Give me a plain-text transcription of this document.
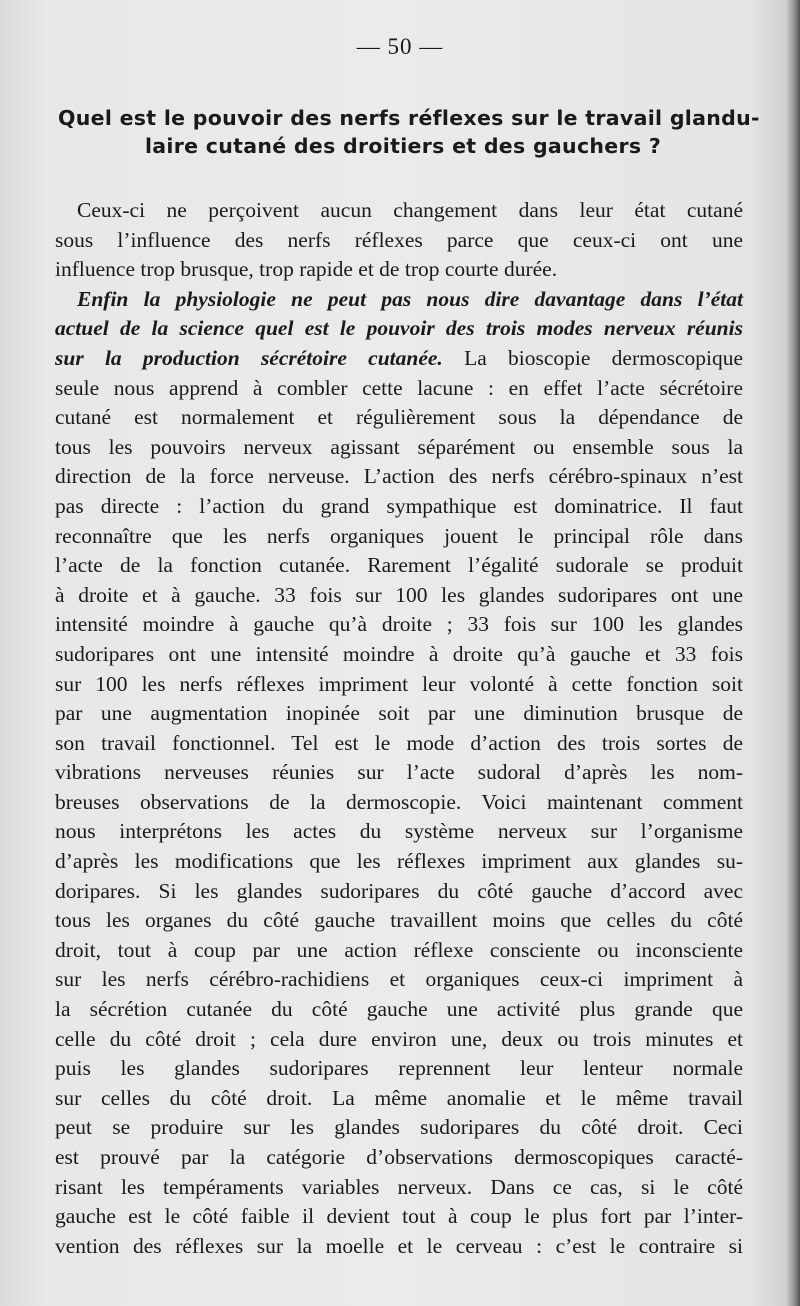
— 50 —
Quel est le pouvoir des nerfs réflexes sur le travail glandu-
laire cutané des droitiers et des gauchers ?
Ceux-ci ne perçoivent aucun changement dans leur état cutané
sous l’influence des nerfs réflexes parce que ceux-ci ont une
influence trop brusque, trop rapide et de trop courte durée.
Enfin la physiologie ne peut pas nous dire davantage dans l’état
actuel de la science quel est le pouvoir des trois modes nerveux réunis
sur la production sécrétoire cutanée. La bioscopie dermoscopique
seule nous apprend à combler cette lacune : en effet l’acte sécrétoire
cutané est normalement et régulièrement sous la dépendance de
tous les pouvoirs nerveux agissant séparément ou ensemble sous la
direction de la force nerveuse. L’action des nerfs cérébro-spinaux n’est
pas directe : l’action du grand sympathique est dominatrice. Il faut
reconnaître que les nerfs organiques jouent le principal rôle dans
l’acte de la fonction cutanée. Rarement l’égalité sudorale se produit
à droite et à gauche. 33 fois sur 100 les glandes sudoripares ont une
intensité moindre à gauche qu’à droite ; 33 fois sur 100 les glandes
sudoripares ont une intensité moindre à droite qu’à gauche et 33 fois
sur 100 les nerfs réflexes impriment leur volonté à cette fonction soit
par une augmentation inopinée soit par une diminution brusque de
son travail fonctionnel. Tel est le mode d’action des trois sortes de
vibrations nerveuses réunies sur l’acte sudoral d’après les nom-
breuses observations de la dermoscopie. Voici maintenant comment
nous interprétons les actes du système nerveux sur l’organisme
d’après les modifications que les réflexes impriment aux glandes su-
doripares. Si les glandes sudoripares du côté gauche d’accord avec
tous les organes du côté gauche travaillent moins que celles du côté
droit, tout à coup par une action réflexe consciente ou inconsciente
sur les nerfs cérébro-rachidiens et organiques ceux-ci impriment à
la sécrétion cutanée du côté gauche une activité plus grande que
celle du côté droit ; cela dure environ une, deux ou trois minutes et
puis les glandes sudoripares reprennent leur lenteur normale
sur celles du côté droit. La même anomalie et le même travail
peut se produire sur les glandes sudoripares du côté droit. Ceci
est prouvé par la catégorie d’observations dermoscopiques caracté-
risant les tempéraments variables nerveux. Dans ce cas, si le côté
gauche est le côté faible il devient tout à coup le plus fort par l’inter-
vention des réflexes sur la moelle et le cerveau : c’est le contraire si
